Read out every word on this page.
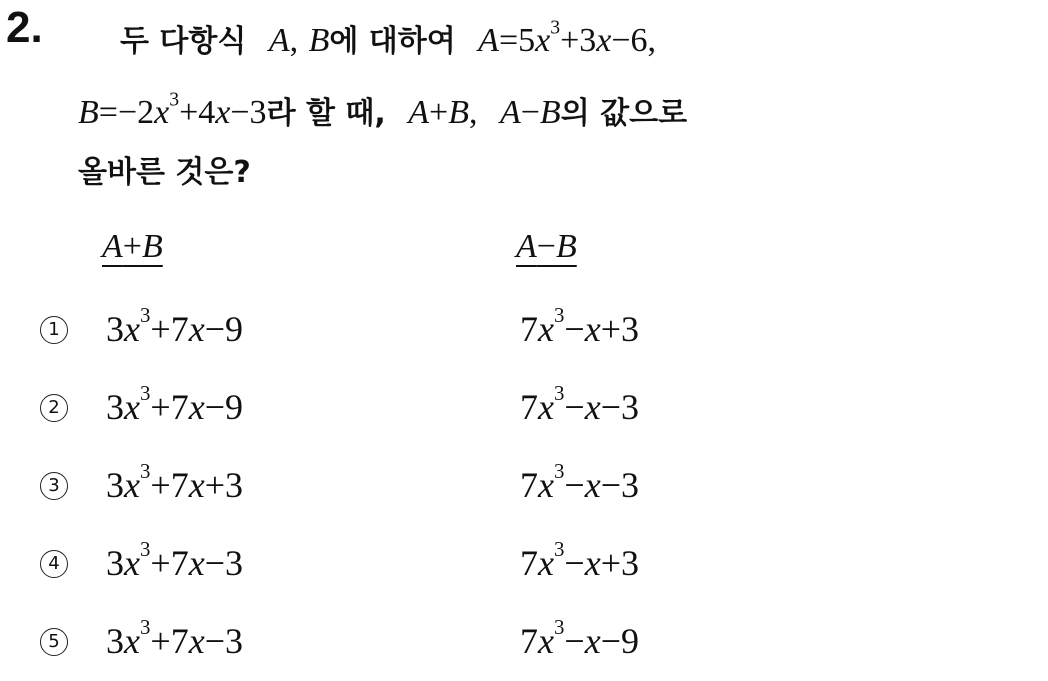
2.	두 다항식 A, B에 대하여 $A=5x^3+3x-6$,
$B=-2x^3+4x-3$라 할 때, A+B, A−B의 값으로
올바른 것은?
A+B	A−B
1 $3x^3+7x-9$	$7x^3-x+3$
2 $3x^3+7x-9$	$7x^3-x-3$
3 $3x^3+7x+3$	$7x^3-x-3$
4 $3x^3+7x-3$	$7x^3-x+3$
5 $3x^3+7x-3$	$7x^3-x-9$
